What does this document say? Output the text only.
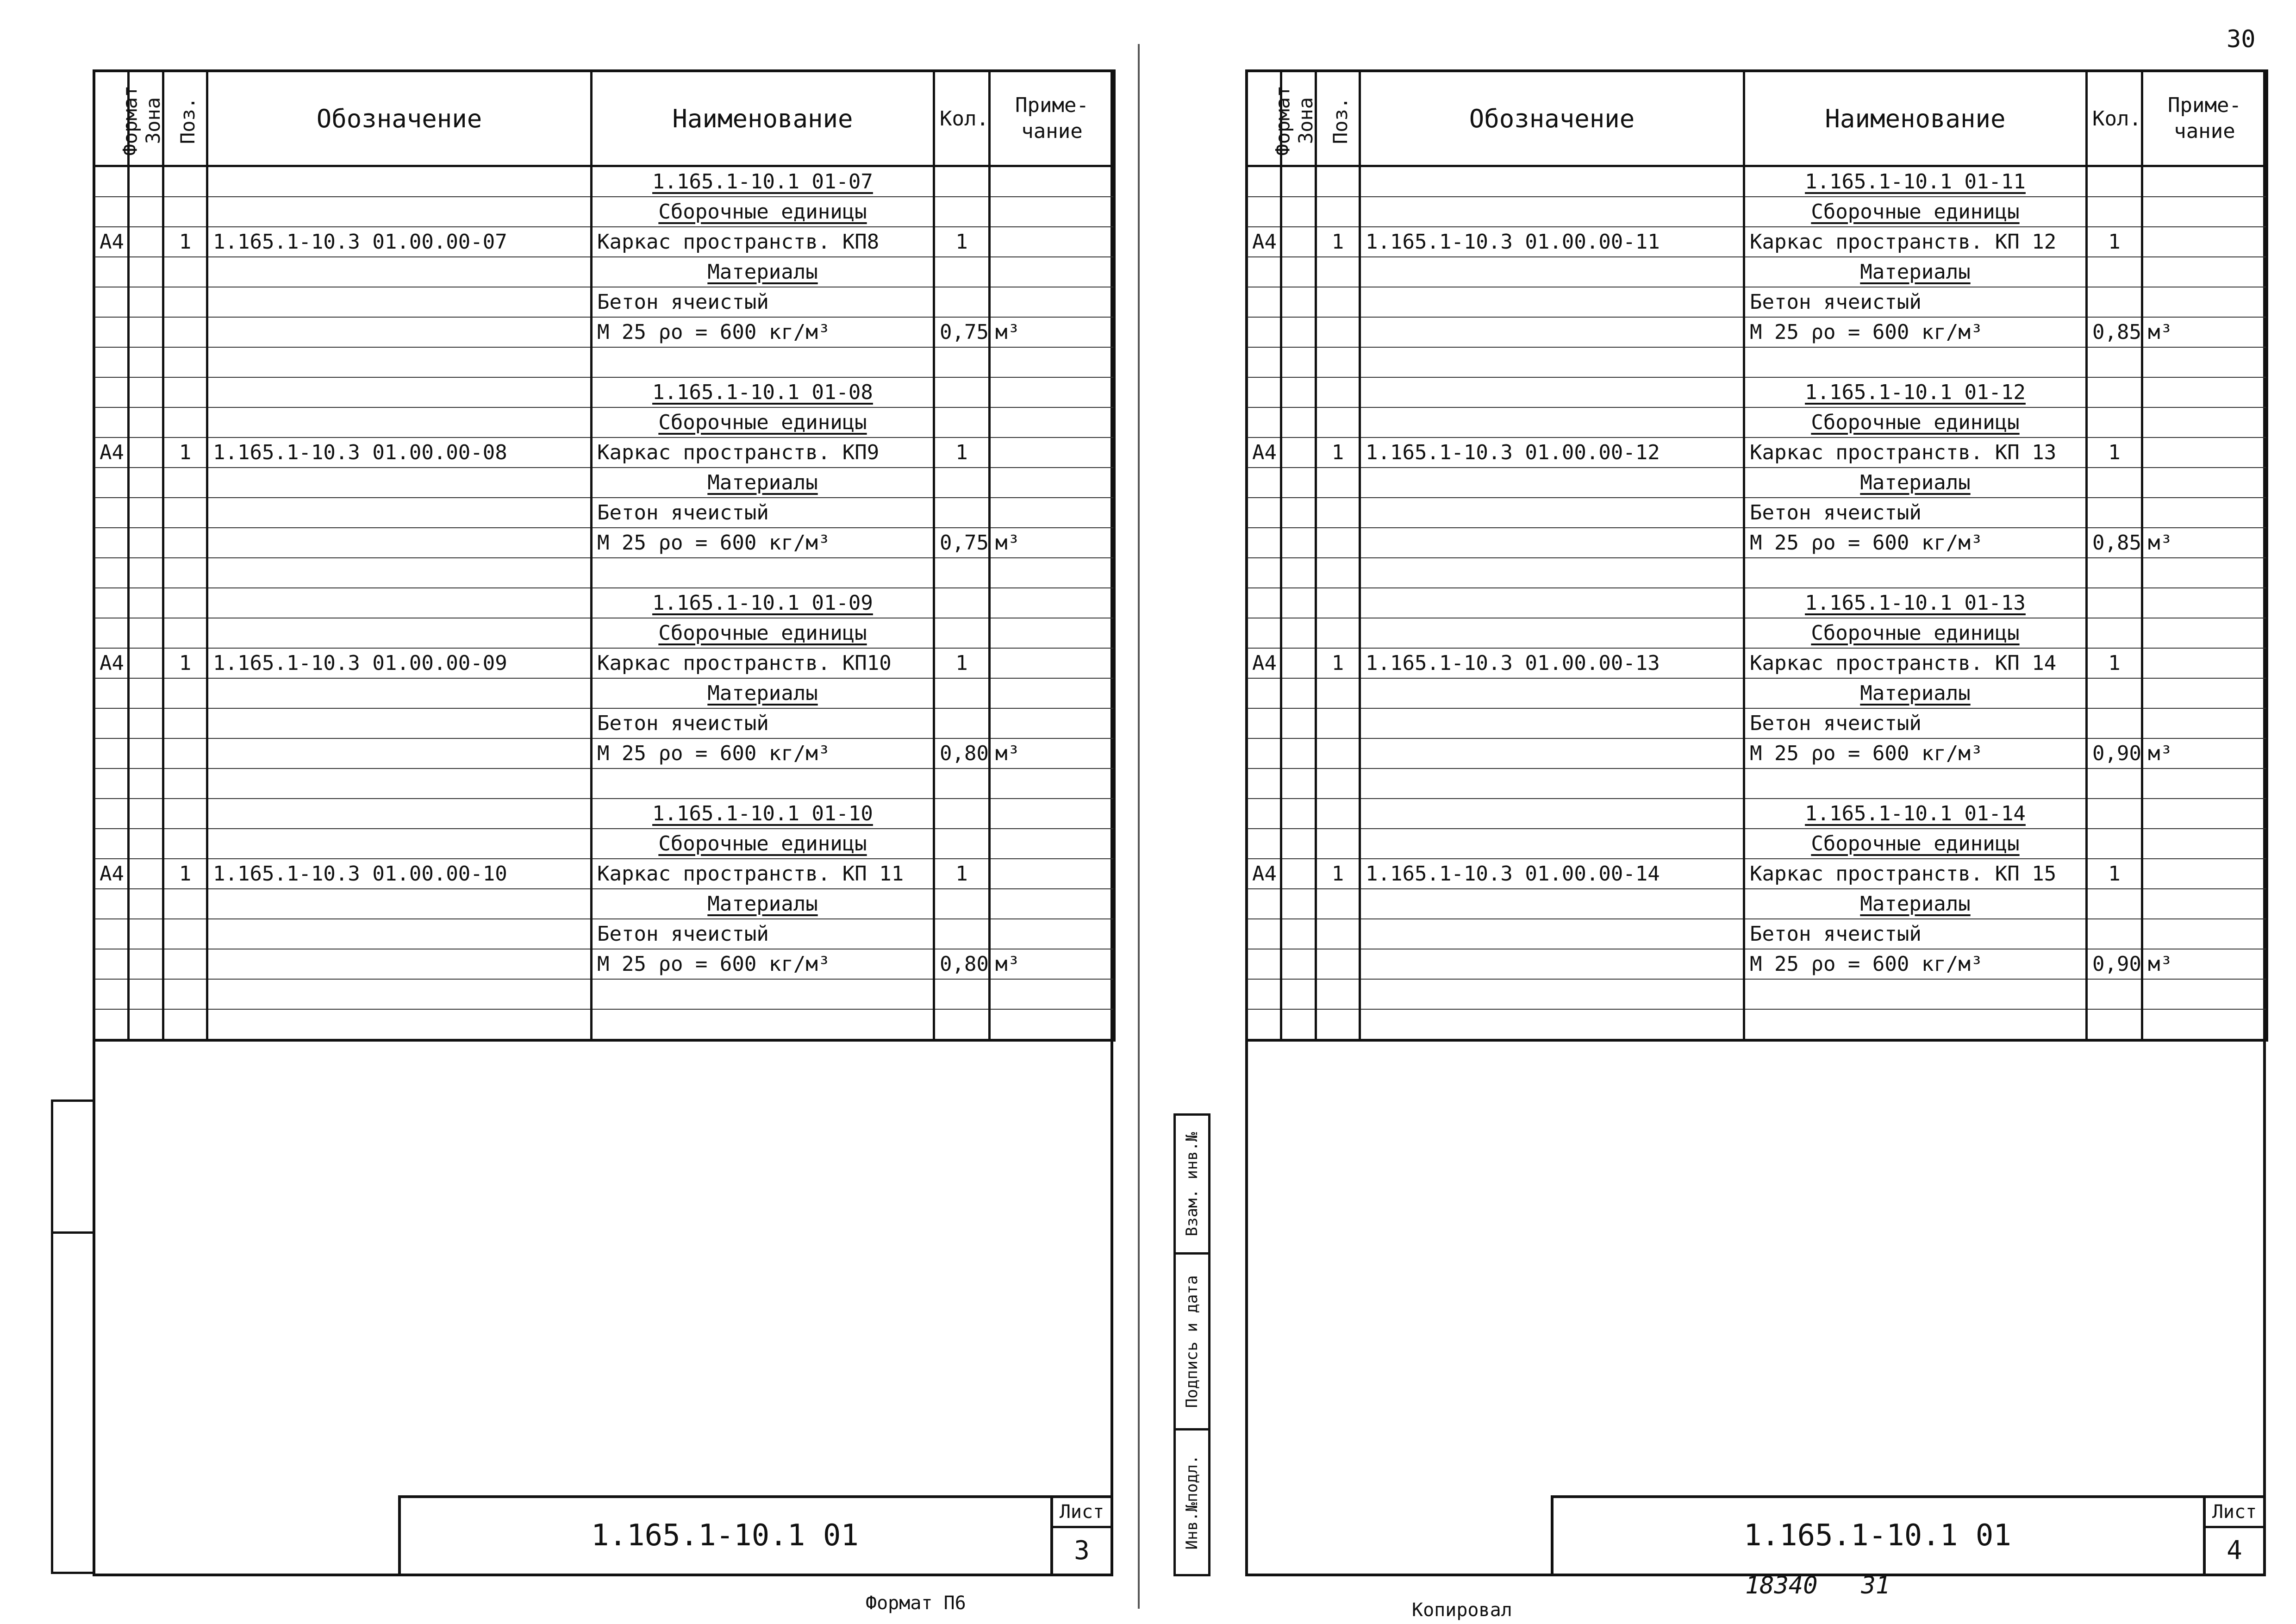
30
Формат	Зона	Поз.	Обозначение	Наименование	Кол.	Приме-чание
				1.165.1-10.1 01-07		
				Сборочные единицы		
А4		1	1.165.1-10.3 01.00.00-07	Каркас пространств. КП8	1	
				Материалы		
				Бетон ячеистый		
				М 25 ρo = 600 кг/м³	0,75	м³

				1.165.1-10.1 01-08		
				Сборочные единицы		
А4		1	1.165.1-10.3 01.00.00-08	Каркас пространств. КП9	1	
				Материалы		
				Бетон ячеистый		
				М 25 ρo = 600 кг/м³	0,75	м³

				1.165.1-10.1 01-09		
				Сборочные единицы		
А4		1	1.165.1-10.3 01.00.00-09	Каркас пространств. КП10	1	
				Материалы		
				Бетон ячеистый		
				М 25 ρo = 600 кг/м³	0,80	м³

				1.165.1-10.1 01-10		
				Сборочные единицы		
А4		1	1.165.1-10.3 01.00.00-10	Каркас пространств. КП 11	1	
				Материалы		
				Бетон ячеистый		
				М 25 ρo = 600 кг/м³	0,80	м³

1.165.1-10.1 01
Лист
3
Формат П6
Формат	Зона	Поз.	Обозначение	Наименование	Кол.	Приме-чание
				1.165.1-10.1 01-11		
				Сборочные единицы		
А4		1	1.165.1-10.3 01.00.00-11	Каркас пространств. КП 12	1	
				Материалы		
				Бетон ячеистый		
				М 25 ρo = 600 кг/м³	0,85	м³

				1.165.1-10.1 01-12		
				Сборочные единицы		
А4		1	1.165.1-10.3 01.00.00-12	Каркас пространств. КП 13	1	
				Материалы		
				Бетон ячеистый		
				М 25 ρo = 600 кг/м³	0,85	м³

				1.165.1-10.1 01-13		
				Сборочные единицы		
А4		1	1.165.1-10.3 01.00.00-13	Каркас пространств. КП 14	1	
				Материалы		
				Бетон ячеистый		
				М 25 ρo = 600 кг/м³	0,90	м³

				1.165.1-10.1 01-14		
				Сборочные единицы		
А4		1	1.165.1-10.3 01.00.00-14	Каркас пространств. КП 15	1	
				Материалы		
				Бетон ячеистый		
				М 25 ρo = 600 кг/м³	0,90	м³

1.165.1-10.1 01
Лист
4
Взам. инв.№
Подпись и дата
Инв.№подл.
18340   31
Копировал
